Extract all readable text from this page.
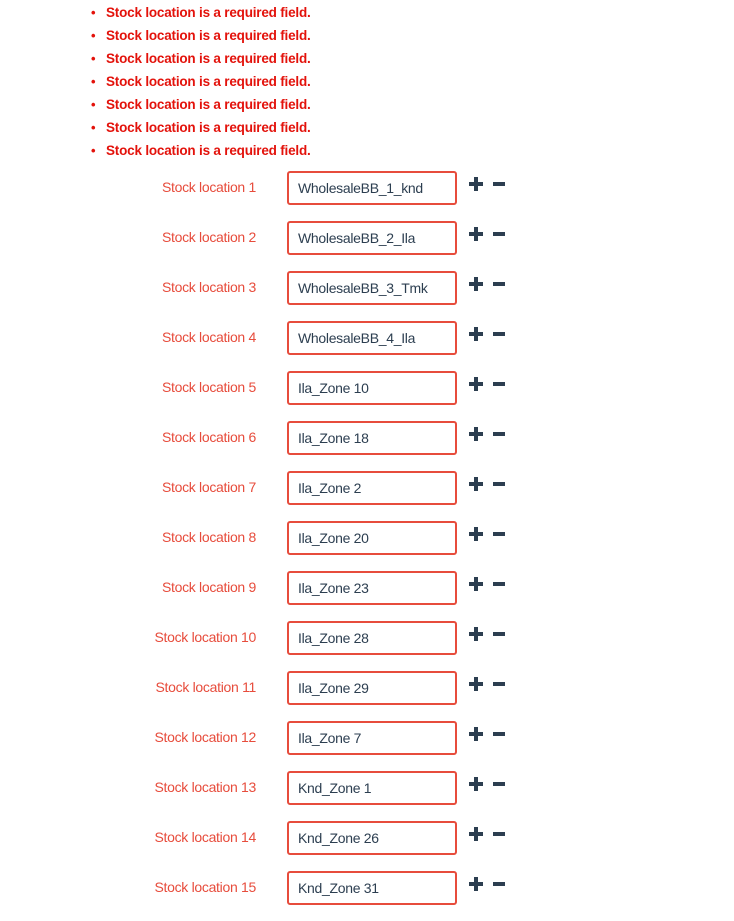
• Stock location is a required field.
• Stock location is a required field.
• Stock location is a required field.
• Stock location is a required field.
• Stock location is a required field.
• Stock location is a required field.
• Stock location is a required field.
Stock location 1
WholesaleBB_1_knd
Stock location 2
WholesaleBB_2_Ila
Stock location 3
WholesaleBB_3_Tmk
Stock location 4
WholesaleBB_4_Ila
Stock location 5
Ila_Zone 10
Stock location 6
Ila_Zone 18
Stock location 7
Ila_Zone 2
Stock location 8
Ila_Zone 20
Stock location 9
Ila_Zone 23
Stock location 10
Ila_Zone 28
Stock location 11
Ila_Zone 29
Stock location 12
Ila_Zone 7
Stock location 13
Knd_Zone 1
Stock location 14
Knd_Zone 26
Stock location 15
Knd_Zone 31
